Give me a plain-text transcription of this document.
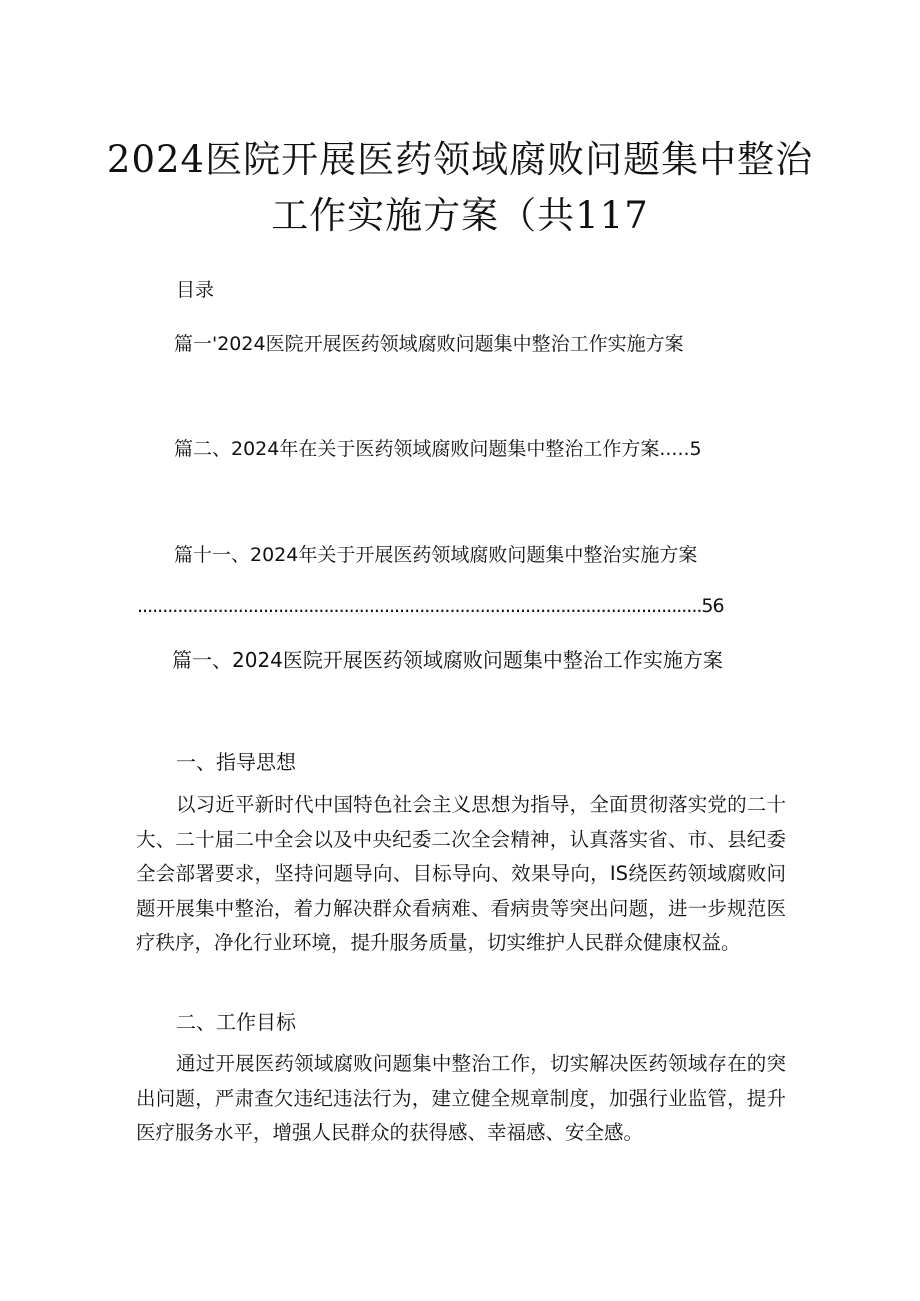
2024医院开展医药领域腐败问题集中整治
工作实施方案（共117
目录
篇一'2024医院开展医药领域腐败问题集中整治工作实施方案
篇二、2024年在关于医药领域腐败问题集中整治工作方案.....5
篇十一、2024年关于开展医药领域腐败问题集中整治实施方案
................................................................................................................56
篇一、2024医院开展医药领域腐败问题集中整治工作实施方案
一、指导思想

以习近平新时代中国特色社会主义思想为指导，全面贯彻落实党的二十大、二十届二中全会以及中央纪委二次全会精神，认真落实省、市、县纪委全会部署要求，坚持问题导向、目标导向、效果导向，IS绕医药领域腐败问题开展集中整治，着力解决群众看病难、看病贵等突出问题，进一步规范医疗秩序，净化行业环境，提升服务质量，切实维护人民群众健康权益。

二、工作目标

通过开展医药领域腐败问题集中整治工作，切实解决医药领域存在的突出问题，严肃查欠违纪违法行为，建立健全规章制度，加强行业监管，提升医疗服务水平，增强人民群众的获得感、幸福感、安全感。
